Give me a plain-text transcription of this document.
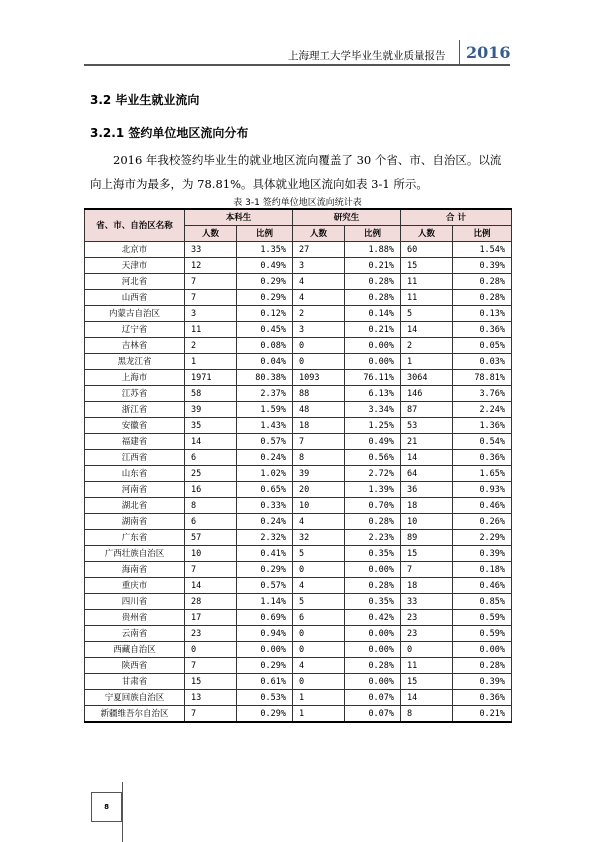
上海理工大学毕业生就业质量报告 2016
3.2 毕业生就业流向
3.2.1 签约单位地区流向分布
2016 年我校签约毕业生的就业地区流向覆盖了 30 个省、市、自治区。以流
向上海市为最多，为 78.81%。具体就业地区流向如表 3-1 所示。
表 3-1 签约单位地区流向统计表
省、市、自治区名称	本科生		研究生		合 计	
	人数	比例	人数	比例	人数	比例
北京市	33	1.35%	27	1.88%	60	1.54%
天津市	12	0.49%	3	0.21%	15	0.39%
河北省	7	0.29%	4	0.28%	11	0.28%
山西省	7	0.29%	4	0.28%	11	0.28%
内蒙古自治区	3	0.12%	2	0.14%	5	0.13%
辽宁省	11	0.45%	3	0.21%	14	0.36%
吉林省	2	0.08%	0	0.00%	2	0.05%
黑龙江省	1	0.04%	0	0.00%	1	0.03%
上海市	1971	80.38%	1093	76.11%	3064	78.81%
江苏省	58	2.37%	88	6.13%	146	3.76%
浙江省	39	1.59%	48	3.34%	87	2.24%
安徽省	35	1.43%	18	1.25%	53	1.36%
福建省	14	0.57%	7	0.49%	21	0.54%
江西省	6	0.24%	8	0.56%	14	0.36%
山东省	25	1.02%	39	2.72%	64	1.65%
河南省	16	0.65%	20	1.39%	36	0.93%
湖北省	8	0.33%	10	0.70%	18	0.46%
湖南省	6	0.24%	4	0.28%	10	0.26%
广东省	57	2.32%	32	2.23%	89	2.29%
广西壮族自治区	10	0.41%	5	0.35%	15	0.39%
海南省	7	0.29%	0	0.00%	7	0.18%
重庆市	14	0.57%	4	0.28%	18	0.46%
四川省	28	1.14%	5	0.35%	33	0.85%
贵州省	17	0.69%	6	0.42%	23	0.59%
云南省	23	0.94%	0	0.00%	23	0.59%
西藏自治区	0	0.00%	0	0.00%	0	0.00%
陕西省	7	0.29%	4	0.28%	11	0.28%
甘肃省	15	0.61%	0	0.00%	15	0.39%
宁夏回族自治区	13	0.53%	1	0.07%	14	0.36%
新疆维吾尔自治区	7	0.29%	1	0.07%	8	0.21%
8
